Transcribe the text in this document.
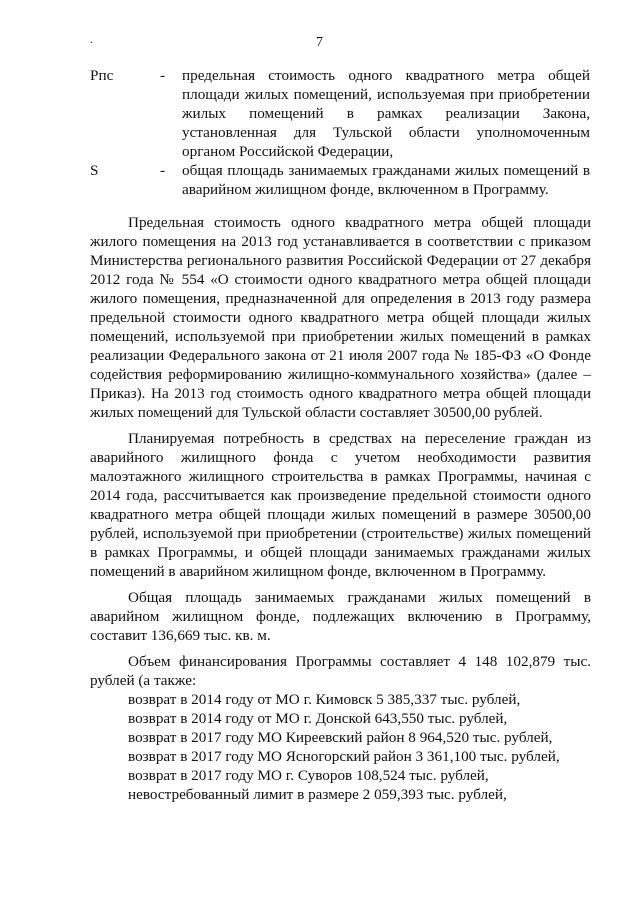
.	7
Рпс	- предельная стоимость одного квадратного метра общей площади жилых помещений, используемая при приобретении жилых помещений в рамках реализации Закона, установленная для Тульской области уполномоченным органом Российской Федерации,
S	- общая площадь занимаемых гражданами жилых помещений в аварийном жилищном фонде, включенном в Программу.

Предельная стоимость одного квадратного метра общей площади жилого помещения на 2013 год устанавливается в соответствии с приказом Министерства регионального развития Российской Федерации от 27 декабря 2012 года № 554 «О стоимости одного квадратного метра общей площади жилого помещения, предназначенной для определения в 2013 году размера предельной стоимости одного квадратного метра общей площади жилых помещений, используемой при приобретении жилых помещений в рамках реализации Федерального закона от 21 июля 2007 года № 185-ФЗ «О Фонде содействия реформированию жилищно-коммунального хозяйства» (далее – Приказ). На 2013 год стоимость одного квадратного метра общей площади жилых помещений для Тульской области составляет 30500,00 рублей.

Планируемая потребность в средствах на переселение граждан из аварийного жилищного фонда с учетом необходимости развития малоэтажного жилищного строительства в рамках Программы, начиная с 2014 года, рассчитывается как произведение предельной стоимости одного квадратного метра общей площади жилых помещений в размере 30500,00 рублей, используемой при приобретении (строительстве) жилых помещений в рамках Программы, и общей площади занимаемых гражданами жилых помещений в аварийном жилищном фонде, включенном в Программу.

Общая площадь занимаемых гражданами жилых помещений в аварийном жилищном фонде, подлежащих включению в Программу, составит 136,669 тыс. кв. м.

Объем финансирования Программы составляет 4 148 102,879 тыс. рублей (а также:

возврат в 2014 году от МО г. Кимовск 5 385,337 тыс. рублей,
возврат в 2014 году от МО г. Донской 643,550 тыс. рублей,
возврат в 2017 году МО Киреевский район 8 964,520 тыс. рублей,
возврат в 2017 году МО Ясногорский район 3 361,100 тыс. рублей,
возврат в 2017 году МО г. Суворов 108,524 тыс. рублей,
невостребованный лимит в размере 2 059,393 тыс. рублей,
